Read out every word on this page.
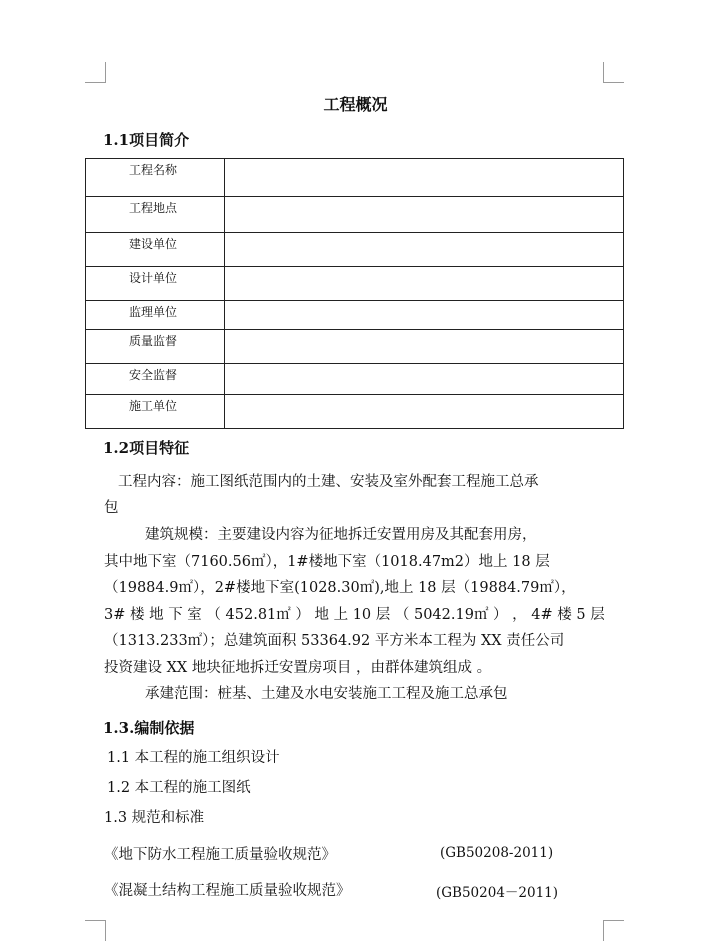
工程概况
1.1项目简介
工程名称	
工程地点	
建设单位	
设计单位	
监理单位	
质量监督	
安全监督	
施工单位	
1.2项目特征
工程内容：施工图纸范围内的土建、安装及室外配套工程施工总承
包
建筑规模：主要建设内容为征地拆迁安置用房及其配套用房，
其中地下室（7160.56㎡），1#楼地下室（1018.47m2）地上 18 层
（19884.9㎡），2#楼地下室(1028.30㎡),地上 18 层（19884.79㎡），
3# 楼 地 下 室 （ 452.81㎡ ） 地 上 10 层 （ 5042.19㎡ ） ， 4# 楼 5 层
（1313.233㎡）；总建筑面积 53364.92 平方米本工程为 XX 责任公司
投资建设 XX 地块征地拆迁安置房项目 ，由群体建筑组成 。
承建范围：桩基、土建及水电安装施工工程及施工总承包
1.3.编制依据
1.1 本工程的施工组织设计
1.2 本工程的施工图纸
1.3 规范和标准
《地下防水工程施工质量验收规范》	(GB50208-2011)
《混凝土结构工程施工质量验收规范》	(GB50204－2011)
